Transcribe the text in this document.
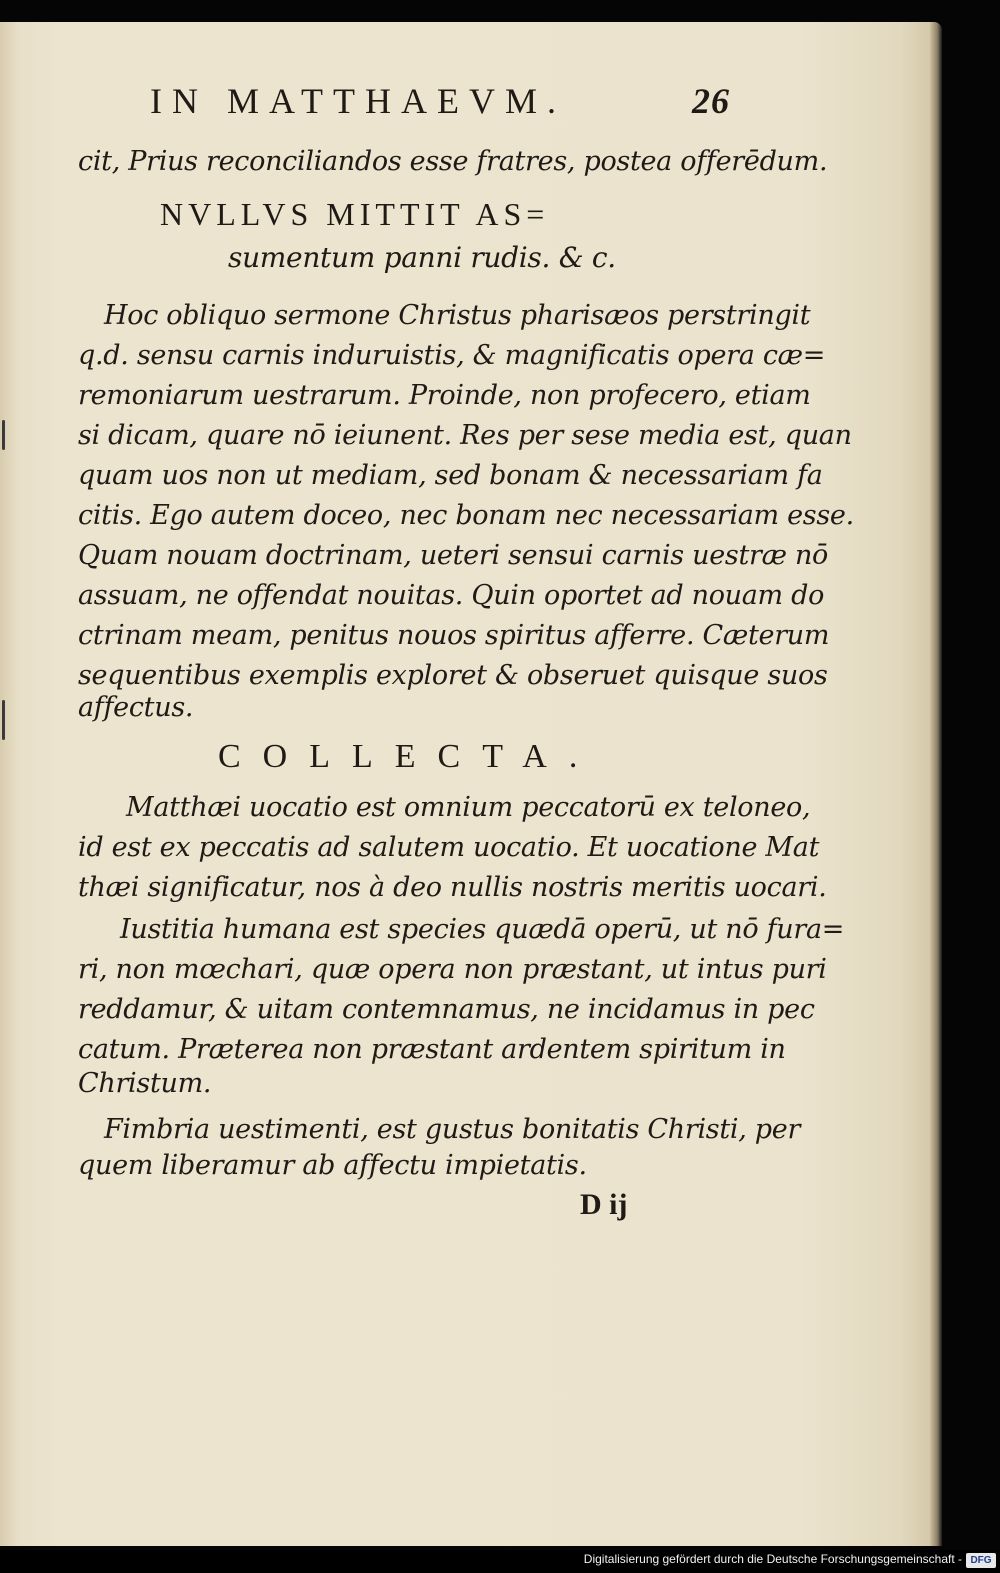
IN MATTHAEVM.	26
cit, Prius reconciliandos esse fratres, postea offerēdum.
NVLLVS MITTIT AS=
sumentum panni rudis. & c.
Hoc obliquo sermone Christus pharisæos perstringit
q.d. sensu carnis induruistis, & magnificatis opera cæ=
remoniarum uestrarum. Proinde, non profecero, etiam
si dicam, quare nō ieiunent. Res per sese media est, quan
quam uos non ut mediam, sed bonam & necessariam fa
citis. Ego autem doceo, nec bonam nec necessariam esse.
Quam nouam doctrinam, ueteri sensui carnis uestræ nō
assuam, ne offendat nouitas. Quin oportet ad nouam do
ctrinam meam, penitus nouos spiritus afferre. Cæterum
sequentibus exemplis exploret & obseruet quisque suos
affectus.
COLLECTA.
Matthæi uocatio est omnium peccatorū ex teloneo,
id est ex peccatis ad salutem uocatio. Et uocatione Mat
thæi significatur, nos à deo nullis nostris meritis uocari.
Iustitia humana est species quædā operū, ut nō fura=
ri, non mœchari, quæ opera non præstant, ut intus puri
reddamur, & uitam contemnamus, ne incidamus in pec
catum. Præterea non præstant ardentem spiritum in
Christum.
Fimbria uestimenti, est gustus bonitatis Christi, per
quem liberamur ab affectu impietatis.
D ij
Digitalisierung gefördert durch die Deutsche Forschungsgemeinschaft - DFG
